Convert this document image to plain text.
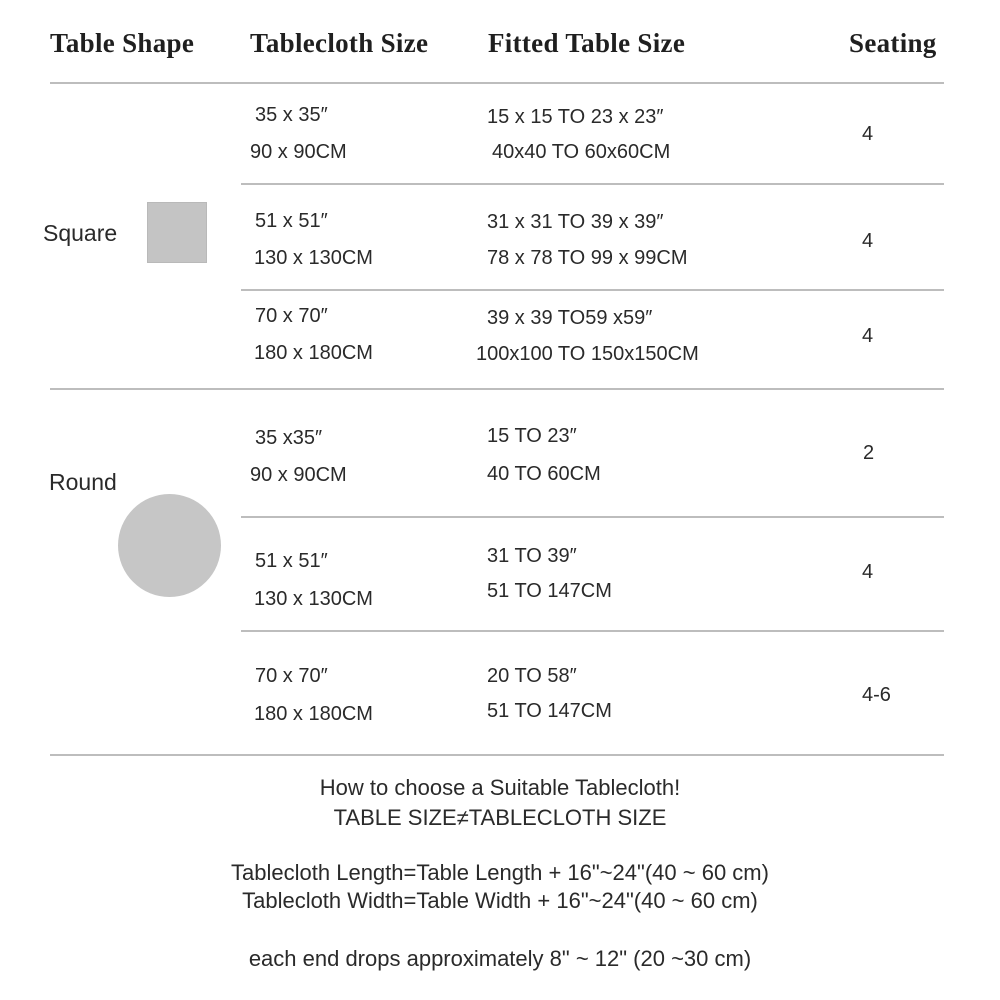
Table Shape Tablecloth Size Fitted Table Size	Seating
Square
35 x 35″
90 x 90CM
15 x 15 TO 23 x 23″
40x40 TO 60x60CM
4
51 x 51″
130 x 130CM
31 x 31 TO 39 x 39″
78 x 78 TO 99 x 99CM
4
70 x 70″
180 x 180CM
39 x 39 TO59 x59″
100x100 TO 150x150CM
4
Round
35 x35″
90 x 90CM
15 TO 23″
40 TO 60CM
2
51 x 51″
130 x 130CM
31 TO 39″
51 TO 147CM
4
70 x 70″
180 x 180CM
20 TO 58″
51 TO 147CM
4-6
How to choose a Suitable Tablecloth!
TABLE SIZE≠TABLECLOTH SIZE
Tablecloth Length=Table Length + 16"~24"(40 ~ 60 cm)
Tablecloth Width=Table Width + 16"~24"(40 ~ 60 cm)
each end drops approximately 8" ~ 12" (20 ~30 cm)
